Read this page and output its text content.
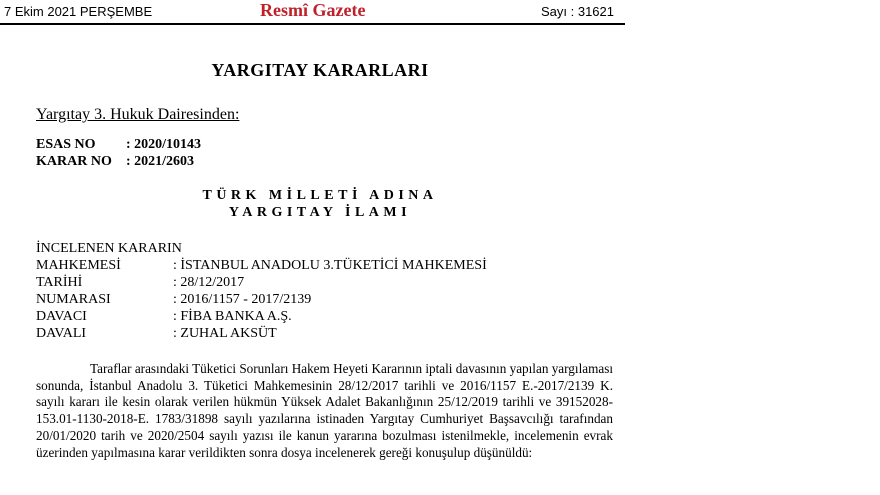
7 Ekim 2021 PERŞEMBE	Resmî Gazete	Sayı : 31621
YARGITAY KARARLARI
Yargıtay 3. Hukuk Dairesinden:
ESAS NO : 2020/10143
KARAR NO : 2021/2603
TÜRK MİLLETİ ADINA
YARGITAY İLAMI
İNCELENEN KARARIN
MAHKEMESİ	: İSTANBUL ANADOLU 3.TÜKETİCİ MAHKEMESİ
TARİHİ	: 28/12/2017
NUMARASI	: 2016/1157 - 2017/2139
DAVACI	: FİBA BANKA A.Ş.
DAVALI	: ZUHAL AKSÜT

Taraflar arasındaki Tüketici Sorunları Hakem Heyeti Kararının iptali davasının yapılan yargılaması sonunda, İstanbul Anadolu 3. Tüketici Mahkemesinin 28/12/2017 tarihli ve 2016/1157 E.-2017/2139 K. sayılı kararı ile kesin olarak verilen hükmün Yüksek Adalet Bakanlığının 25/12/2019 tarihli ve 39152028-153.01-1130-2018-E. 1783/31898 sayılı yazılarına istinaden Yargıtay Cumhuriyet Başsavcılığı tarafından 20/01/2020 tarih ve 2020/2504 sayılı yazısı ile kanun yararına bozulması istenilmekle, incelemenin evrak üzerinden yapılmasına karar verildikten sonra dosya incelenerek gereği konuşulup düşünüldü:
